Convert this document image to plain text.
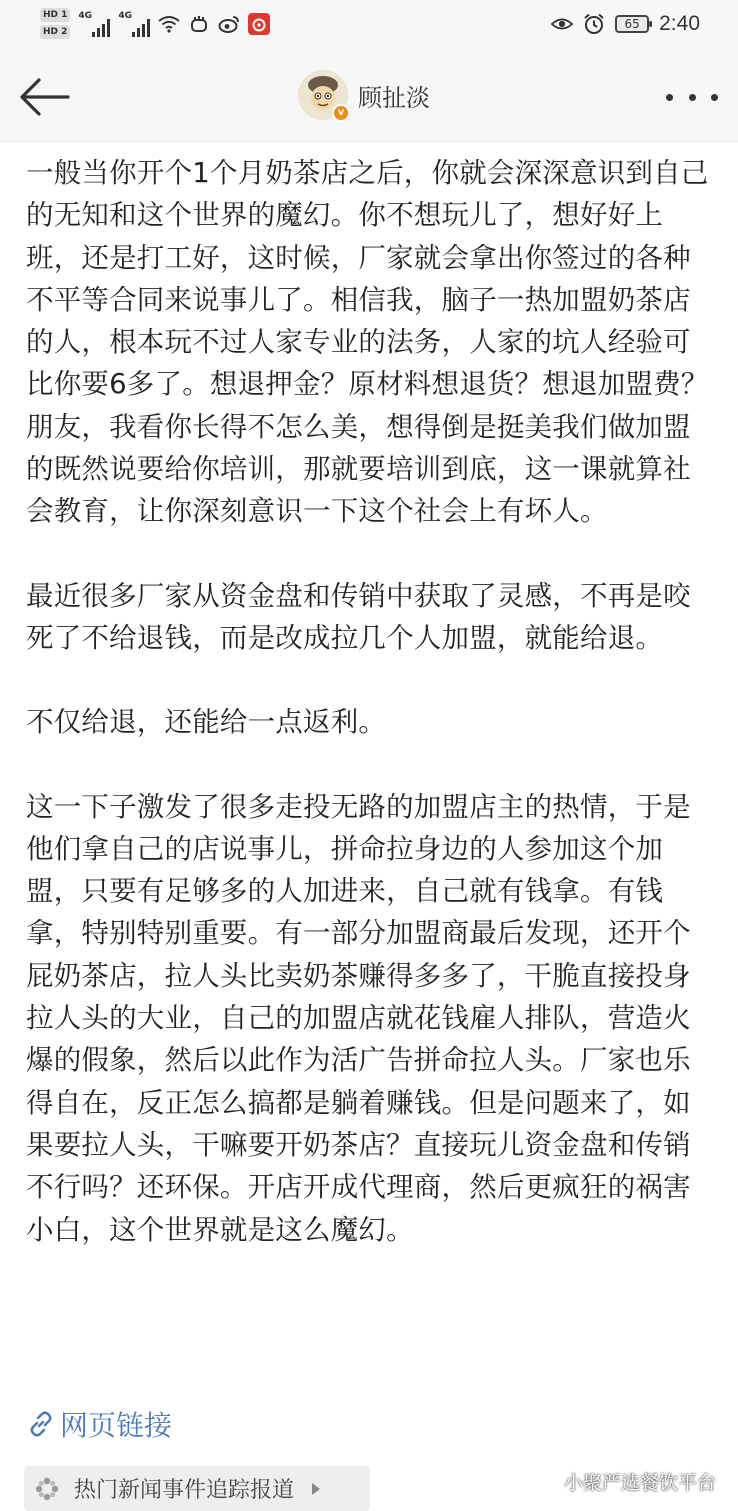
HD 1
HD 2
4G	4G
65 2:40
v
顾扯淡

一般当你开个1个月奶茶店之后，你就会深深意识到自己的无知和这个世界的魔幻。你不想玩儿了，想好好上班，还是打工好，这时候，厂家就会拿出你签过的各种不平等合同来说事儿了。相信我，脑子一热加盟奶茶店的人，根本玩不过人家专业的法务，人家的坑人经验可比你要6多了。想退押金？原材料想退货？想退加盟费？朋友，我看你长得不怎么美，想得倒是挺美我们做加盟的既然说要给你培训，那就要培训到底，这一课就算社会教育，让你深刻意识一下这个社会上有坏人。

最近很多厂家从资金盘和传销中获取了灵感，不再是咬死了不给退钱，而是改成拉几个人加盟，就能给退。

不仅给退，还能给一点返利。

这一下子激发了很多走投无路的加盟店主的热情，于是他们拿自己的店说事儿，拼命拉身边的人参加这个加盟，只要有足够多的人加进来，自己就有钱拿。有钱拿，特别特别重要。有一部分加盟商最后发现，还开个屁奶茶店，拉人头比卖奶茶赚得多多了，干脆直接投身拉人头的大业，自己的加盟店就花钱雇人排队，营造火爆的假象，然后以此作为活广告拼命拉人头。厂家也乐得自在，反正怎么搞都是躺着赚钱。但是问题来了，如果要拉人头，干嘛要开奶茶店？直接玩儿资金盘和传销不行吗？还环保。开店开成代理商，然后更疯狂的祸害小白，这个世界就是这么魔幻。

网页链接
热门新闻事件追踪报道	小聚严选餐饮平台
